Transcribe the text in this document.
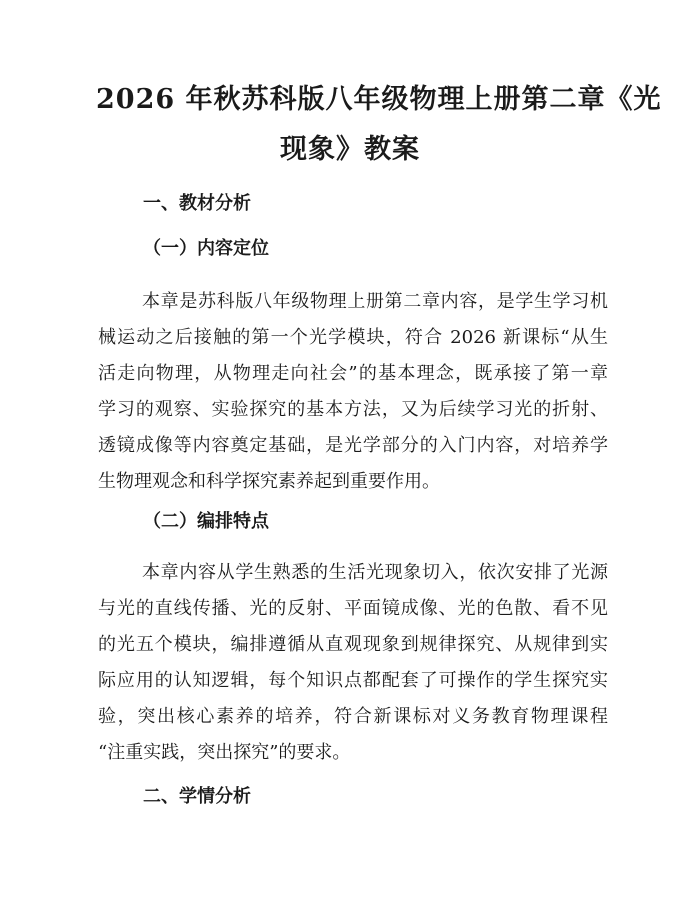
2026 年秋苏科版八年级物理上册第二章《光
现象》教案
一、教材分析
（一）内容定位

本章是苏科版八年级物理上册第二章内容，是学生学习机
械运动之后接触的第一个光学模块，符合 2026 新课标“从生
活走向物理，从物理走向社会”的基本理念，既承接了第一章
学习的观察、实验探究的基本方法，又为后续学习光的折射、
透镜成像等内容奠定基础，是光学部分的入门内容，对培养学
生物理观念和科学探究素养起到重要作用。

（二）编排特点

本章内容从学生熟悉的生活光现象切入，依次安排了光源
与光的直线传播、光的反射、平面镜成像、光的色散、看不见
的光五个模块，编排遵循从直观现象到规律探究、从规律到实
际应用的认知逻辑，每个知识点都配套了可操作的学生探究实
验，突出核心素养的培养，符合新课标对义务教育物理课程
“注重实践，突出探究”的要求。

二、学情分析
